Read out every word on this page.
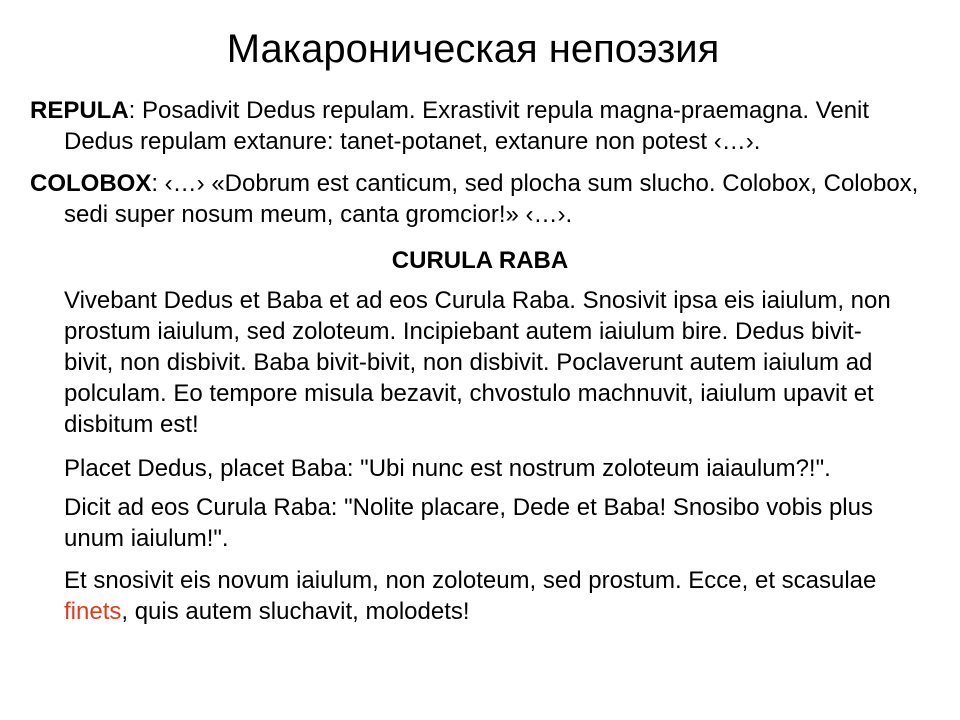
Макароническая непоэзия

REPULA: Posadivit Dedus repulam. Exrastivit repula magna-praemagna. Venit Dedus repulam extanure: tanet-potanet, extanure non potest ‹…›.

COLOBOX: ‹…› «Dobrum est canticum, sed plocha sum slucho. Colobox, Colobox, sedi super nosum meum, canta gromcior!» ‹…›.

CURULA RABA

Vivebant Dedus et Baba et ad eos Curula Raba. Snosivit ipsa eis iaiulum, non prostum iaiulum, sed zoloteum. Incipiebant autem iaiulum bire. Dedus bivit-bivit, non disbivit. Baba bivit-bivit, non disbivit. Poclaverunt autem iaiulum ad polculam. Eo tempore misula bezavit, chvostulo machnuvit, iaiulum upavit et disbitum est!

Placet Dedus, placet Baba: "Ubi nunc est nostrum zoloteum iaiaulum?!".

Dicit ad eos Curula Raba: "Nolite placare, Dede et Baba! Snosibo vobis plus unum iaiulum!".

Et snosivit eis novum iaiulum, non zoloteum, sed prostum. Ecce, et scasulae finets, quis autem sluchavit, molodets!
